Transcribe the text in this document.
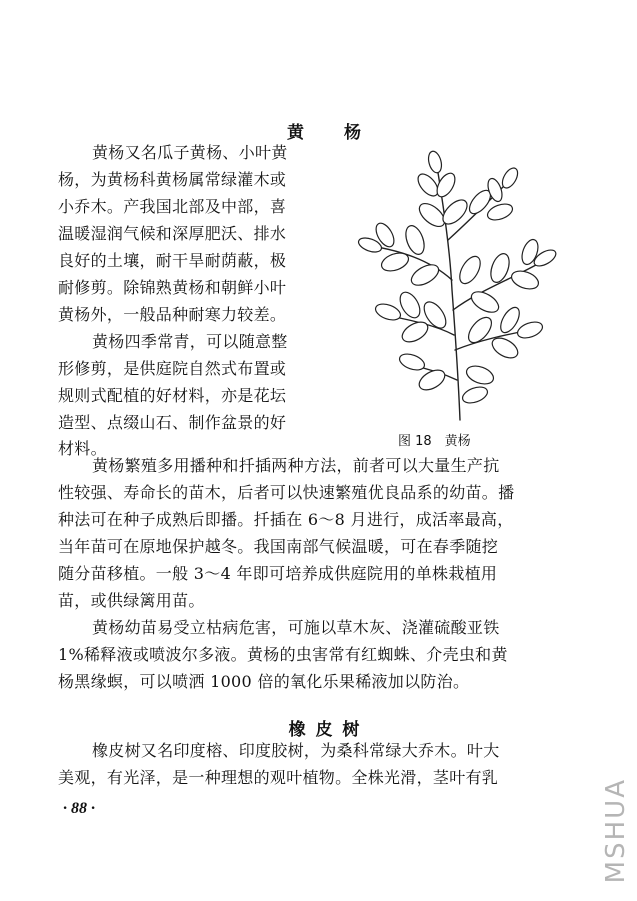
黄　　杨
黄杨又名瓜子黄杨、小叶黄
杨，为黄杨科黄杨属常绿灌木或
小乔木。产我国北部及中部，喜
温暖湿润气候和深厚肥沃、排水
良好的土壤，耐干旱耐荫蔽，极
耐修剪。除锦熟黄杨和朝鲜小叶
黄杨外，一般品种耐寒力较差。
黄杨四季常青，可以随意整
形修剪，是供庭院自然式布置或
规则式配植的好材料，亦是花坛
造型、点缀山石、制作盆景的好
材料。
黄杨繁殖多用播种和扦插两种方法，前者可以大量生产抗
性较强、寿命长的苗木，后者可以快速繁殖优良品系的幼苗。播
种法可在种子成熟后即播。扦插在 6～8 月进行，成活率最高，
当年苗可在原地保护越冬。我国南部气候温暖，可在春季随挖
随分苗移植。一般 3～4 年即可培养成供庭院用的单株栽植用
苗，或供绿篱用苗。
黄杨幼苗易受立枯病危害，可施以草木灰、浇灌硫酸亚铁
1%稀释液或喷波尔多液。黄杨的虫害常有红蜘蛛、介壳虫和黄
杨黑缘螟，可以喷洒 1000 倍的氧化乐果稀液加以防治。
图 18　黄杨
橡 皮 树
橡皮树又名印度榕、印度胶树，为桑科常绿大乔木。叶大
美观，有光泽，是一种理想的观叶植物。全株光滑，茎叶有乳
· 88 ·	MSHUA
